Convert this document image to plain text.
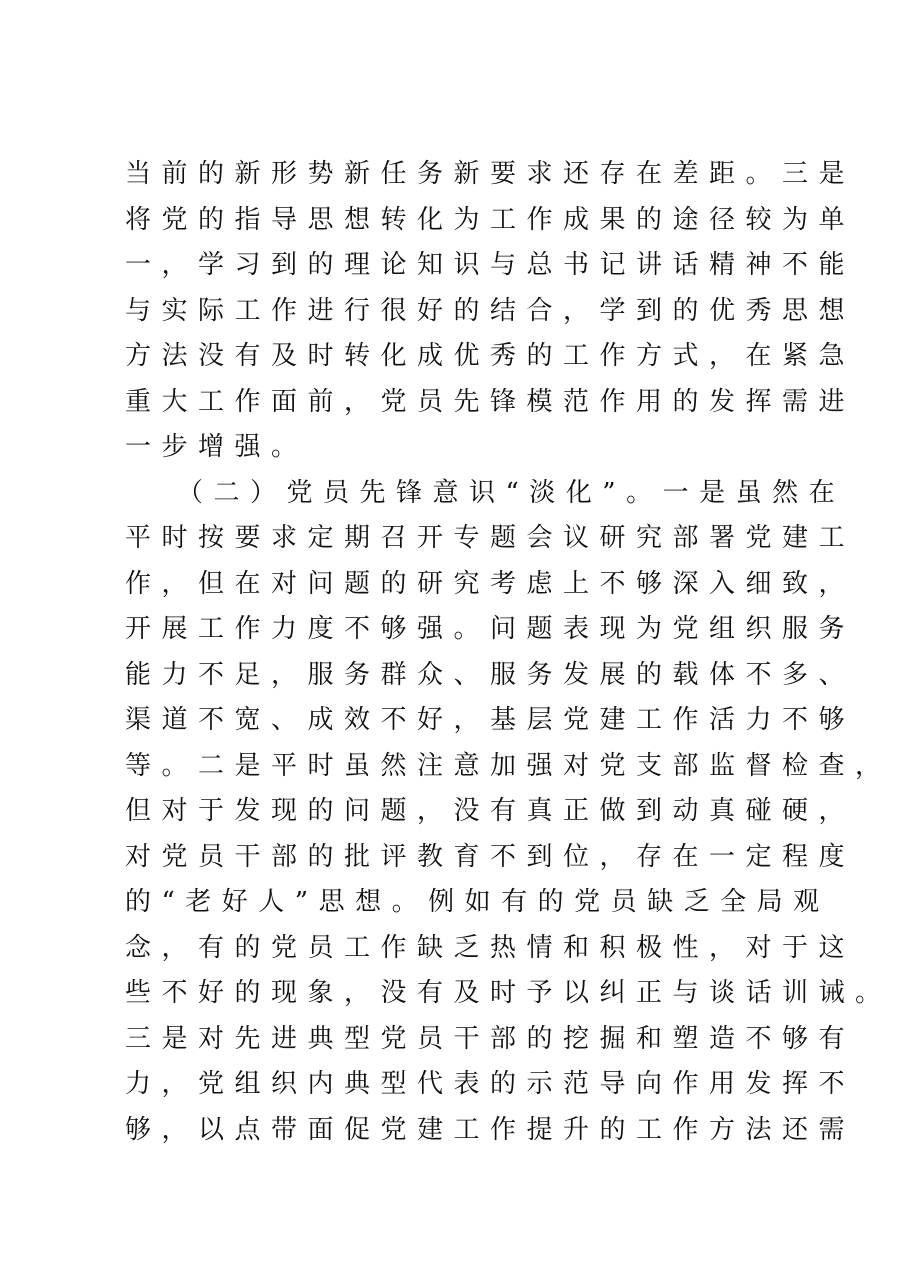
当前的新形势新任务新要求还存在差距。三是
将党的指导思想转化为工作成果的途径较为单
一，学习到的理论知识与总书记讲话精神不能
与实际工作进行很好的结合，学到的优秀思想
方法没有及时转化成优秀的工作方式，在紧急
重大工作面前，党员先锋模范作用的发挥需进
一步增强。
（二）党员先锋意识“淡化”。一是虽然在
平时按要求定期召开专题会议研究部署党建工
作，但在对问题的研究考虑上不够深入细致，
开展工作力度不够强。问题表现为党组织服务
能力不足，服务群众、服务发展的载体不多、
渠道不宽、成效不好，基层党建工作活力不够
等。二是平时虽然注意加强对党支部监督检查，
但对于发现的问题，没有真正做到动真碰硬，
对党员干部的批评教育不到位，存在一定程度
的“老好人”思想。例如有的党员缺乏全局观
念，有的党员工作缺乏热情和积极性，对于这
些不好的现象，没有及时予以纠正与谈话训诫。
三是对先进典型党员干部的挖掘和塑造不够有
力，党组织内典型代表的示范导向作用发挥不
够，以点带面促党建工作提升的工作方法还需
